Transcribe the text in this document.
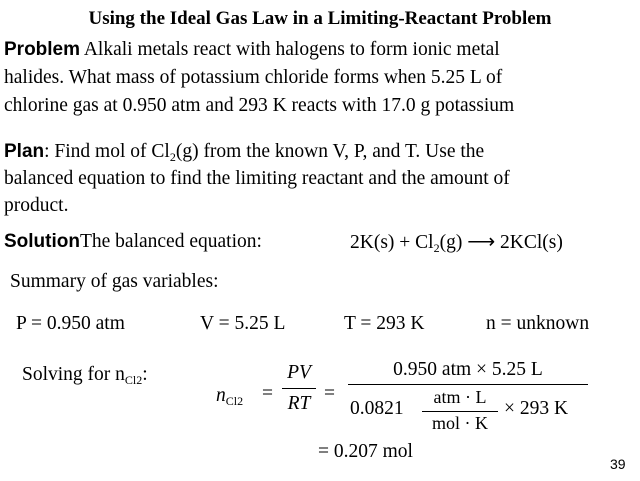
Using the Ideal Gas Law in a Limiting-Reactant Problem
Problem Alkali metals react with halogens to form ionic metal
halides. What mass of potassium chloride forms when 5.25 L of
chlorine gas at 0.950 atm and 293 K reacts with 17.0 g potassium
Plan: Find mol of $Cl_2(g)$ from the known V, P, and T. Use the
balanced equation to find the limiting reactant and the amount of
product.
SolutionThe balanced equation:	$2K(s) + Cl_2(g)$ ⟶ 2KCl(s)
Summary of gas variables:
P = 0.950 atm	V = 5.25 L	T = 293 K	n = unknown
Solving for $n_{Cl2}$:
$n_{Cl2}$ =
PV
RT =
0.950 atm × 5.25 L
0.0821
atm · L
mol · K
× 293 K
= 0.207 mol
39
